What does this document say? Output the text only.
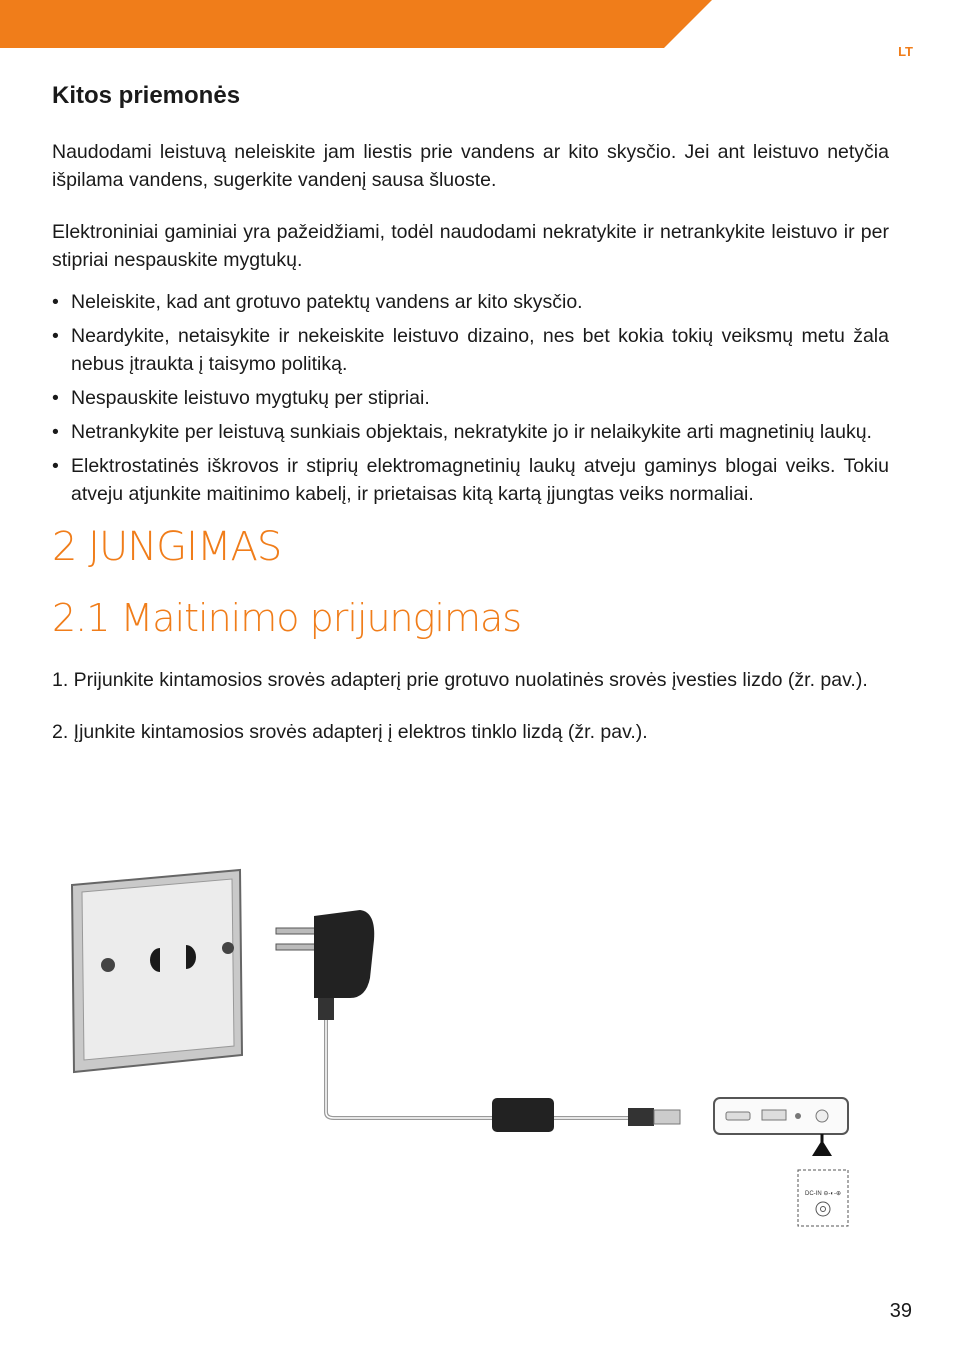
LT
Kitos priemonės

Naudodami leistuvą neleiskite jam liestis prie vandens ar kito skysčio. Jei ant leistuvo netyčia išpilama vandens, sugerkite vandenį sausa šluoste.

Elektroniniai gaminiai yra pažeidžiami, todėl naudodami nekratykite ir netrankykite leistuvo ir per stipriai nespauskite mygtukų.

• Neleiskite, kad ant grotuvo patektų vandens ar kito skysčio.
• Neardykite, netaisykite ir nekeiskite leistuvo dizaino, nes bet kokia tokių veiksmų metu žala nebus įtraukta į taisymo politiką.
• Nespauskite leistuvo mygtukų per stipriai.
• Netrankykite per leistuvą sunkiais objektais, nekratykite jo ir nelaikykite arti magnetinių laukų.
• Elektrostatinės iškrovos ir stiprių elektromagnetinių laukų atveju gaminys blogai veiks. Tokiu atveju atjunkite maitinimo kabelį, ir prietaisas kitą kartą įjungtas veiks normaliai.
2 JUNGIMAS
2.1 Maitinimo prijungimas

1. Prijunkite kintamosios srovės adapterį prie grotuvo nuolatinės srovės įvesties lizdo (žr. pav.).

2. Įjunkite kintamosios srovės adapterį į elektros tinklo lizdą (žr. pav.).

DC-IN ⊖-◐-⊕
39
